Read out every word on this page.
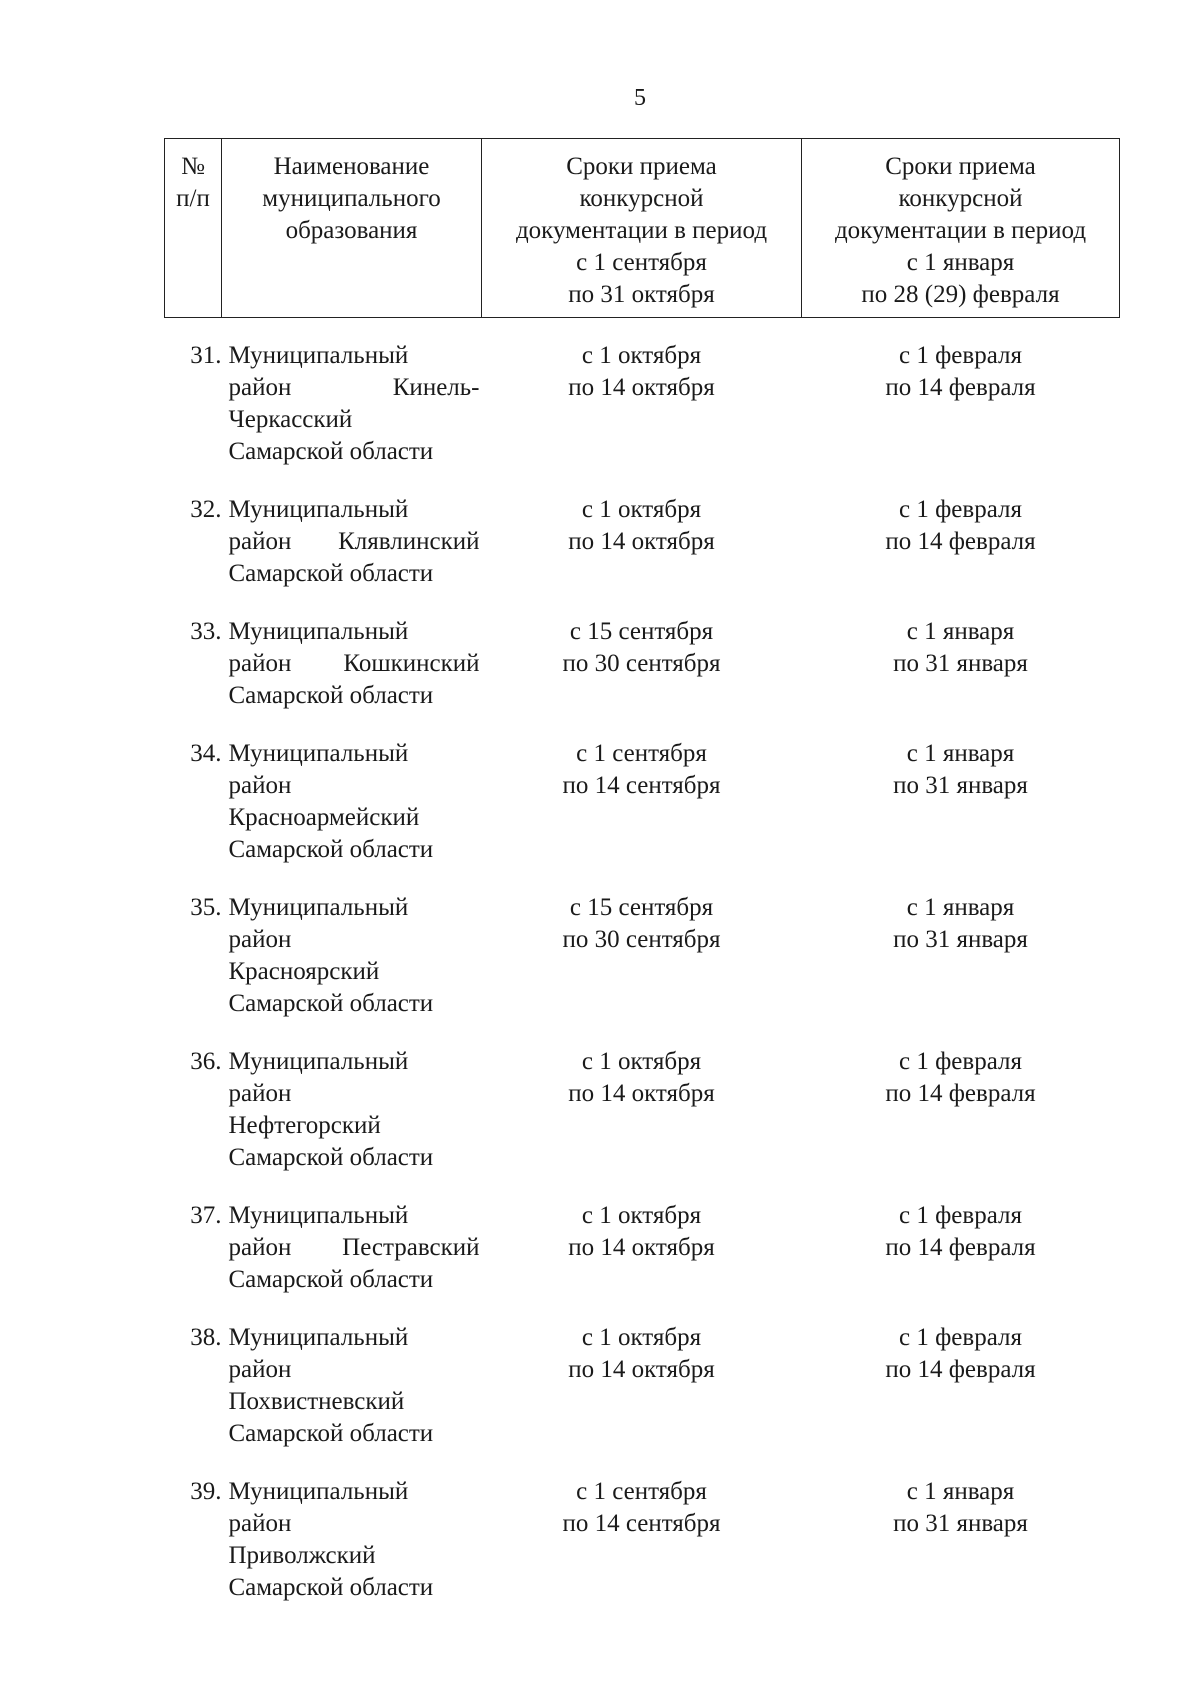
5
№
п/п	Наименование
муниципального
образования	Сроки приема
конкурсной
документации в период
с 1 сентября
по 31 октября	Сроки приема
конкурсной
документации в период
с 1 января
по 28 (29) февраля
31.	Муниципальный
район Кинель-
Черкасский
Самарской области	с 1 октября
по 14 октября	с 1 февраля
по 14 февраля
32.	Муниципальный
район Клявлинский
Самарской области	с 1 октября
по 14 октября	с 1 февраля
по 14 февраля
33.	Муниципальный
район Кошкинский
Самарской области	с 15 сентября
по 30 сентября	с 1 января
по 31 января
34.	Муниципальный
район
Красноармейский
Самарской области	с 1 сентября
по 14 сентября	с 1 января
по 31 января
35.	Муниципальный
район
Красноярский
Самарской области	с 15 сентября
по 30 сентября	с 1 января
по 31 января
36.	Муниципальный
район
Нефтегорский
Самарской области	с 1 октября
по 14 октября	с 1 февраля
по 14 февраля
37.	Муниципальный
район Пестравский
Самарской области	с 1 октября
по 14 октября	с 1 февраля
по 14 февраля
38.	Муниципальный
район
Похвистневский
Самарской области	с 1 октября
по 14 октября	с 1 февраля
по 14 февраля
39.	Муниципальный
район
Приволжский
Самарской области	с 1 сентября
по 14 сентября	с 1 января
по 31 января
